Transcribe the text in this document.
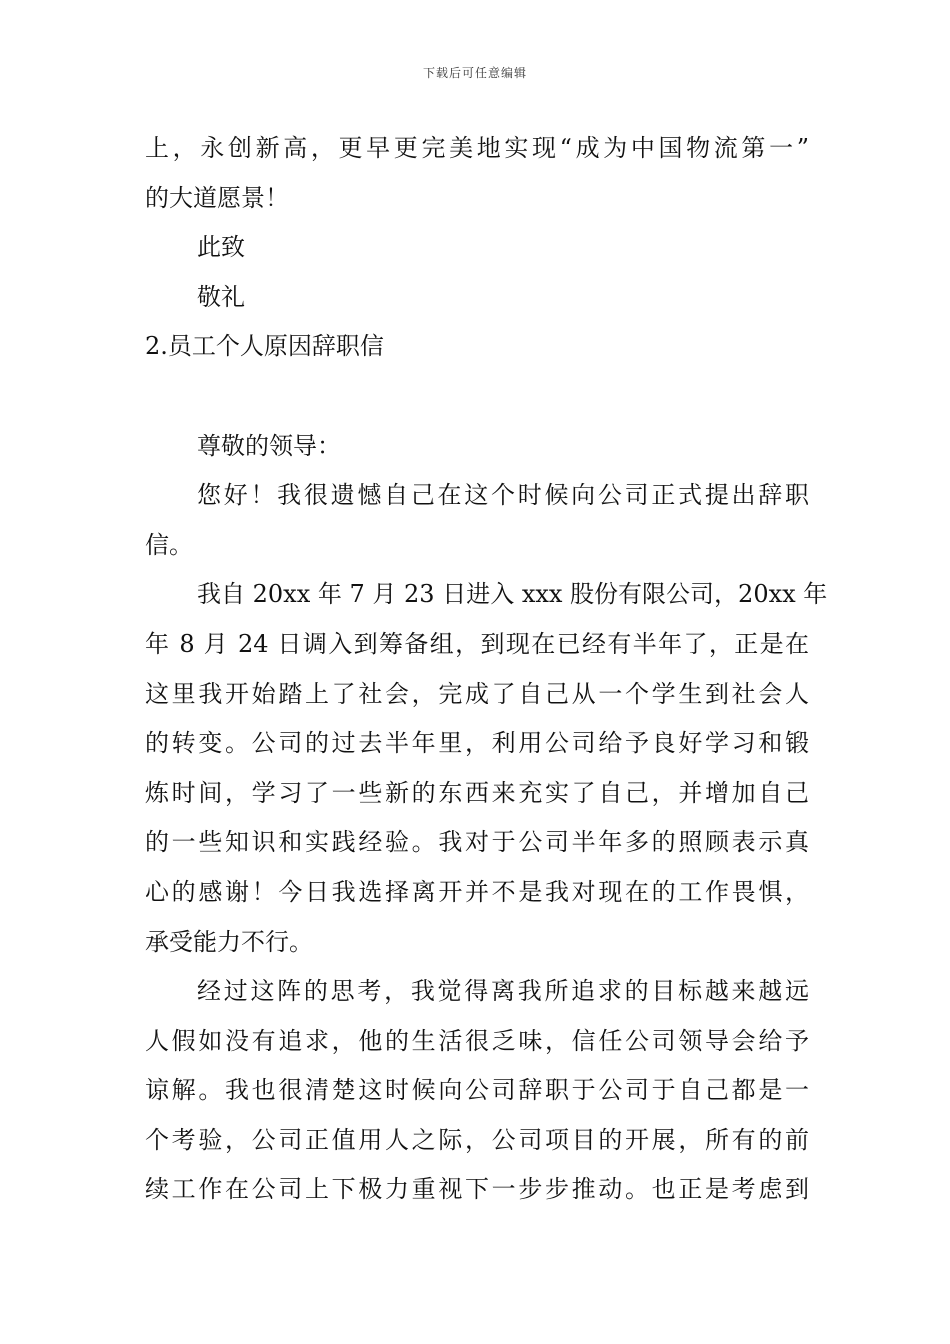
下载后可任意编辑
上，永创新高，更早更完美地实现“成为中国物流第一”
的大道愿景！
此致
敬礼
2.员工个人原因辞职信
尊敬的领导：
您好！我很遗憾自己在这个时候向公司正式提出辞职
信。
我自 20xx 年 7 月 23 日进入 xxx 股份有限公司，20xx 年
年 8 月 24 日调入到筹备组，到现在已经有半年了，正是在
这里我开始踏上了社会，完成了自己从一个学生到社会人
的转变。公司的过去半年里，利用公司给予良好学习和锻
炼时间，学习了一些新的东西来充实了自己，并增加自己
的一些知识和实践经验。我对于公司半年多的照顾表示真
心的感谢！今日我选择离开并不是我对现在的工作畏惧，
承受能力不行。
经过这阵的思考，我觉得离我所追求的目标越来越远
人假如没有追求，他的生活很乏味，信任公司领导会给予
谅解。我也很清楚这时候向公司辞职于公司于自己都是一
个考验，公司正值用人之际，公司项目的开展，所有的前
续工作在公司上下极力重视下一步步推动。也正是考虑到
